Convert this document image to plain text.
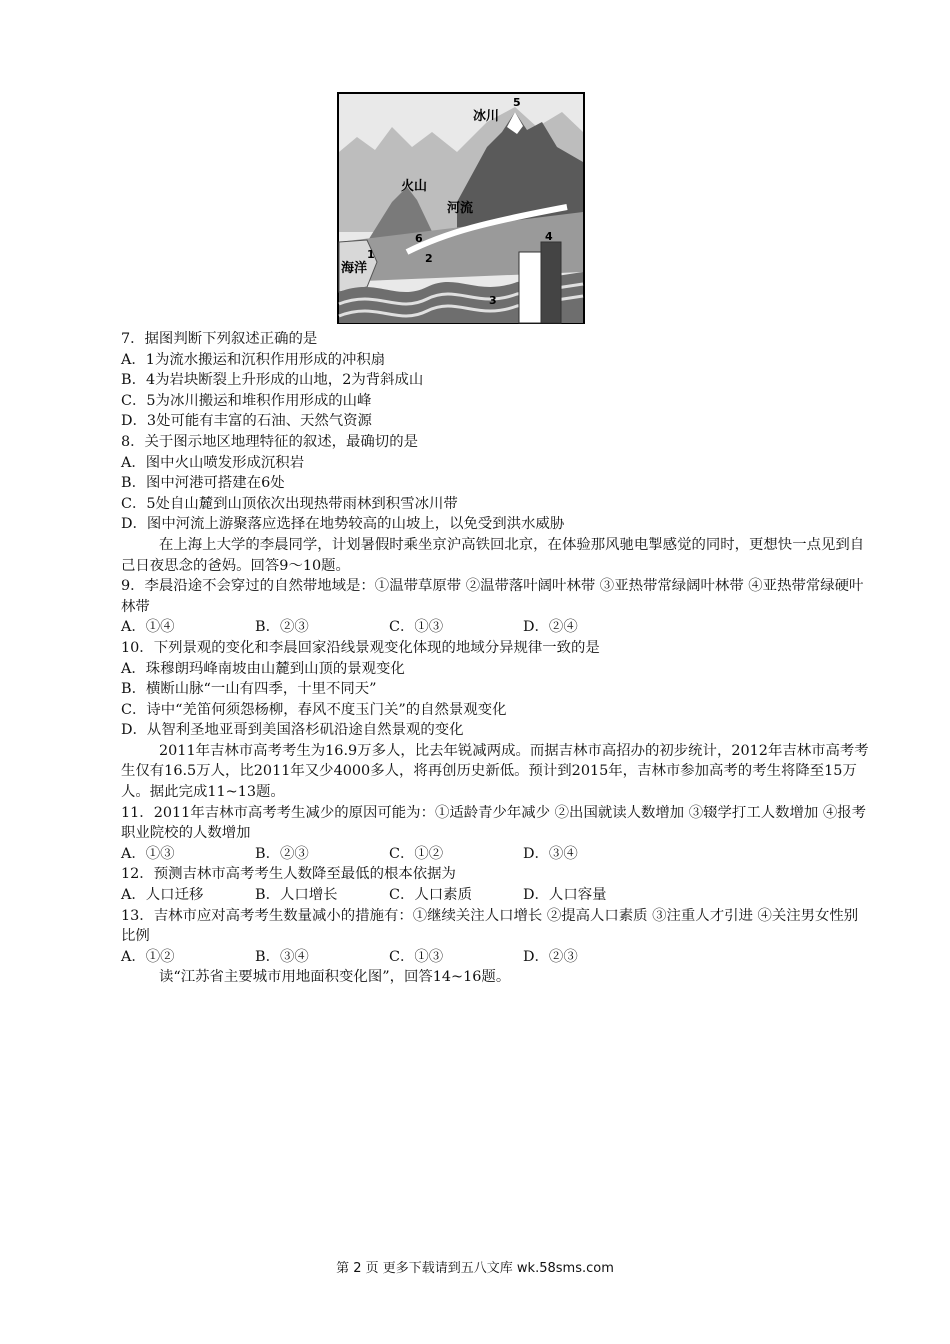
冰川
5
火山
河流
6
2
1
海洋
3
4
7．据图判断下列叙述正确的是
A．1为流水搬运和沉积作用形成的冲积扇
B．4为岩块断裂上升形成的山地，2为背斜成山
C．5为冰川搬运和堆积作用形成的山峰
D．3处可能有丰富的石油、天然气资源
8．关于图示地区地理特征的叙述，最确切的是
A．图中火山喷发形成沉积岩
B．图中河港可搭建在6处
C．5处自山麓到山顶依次出现热带雨林到积雪冰川带
D．图中河流上游聚落应选择在地势较高的山坡上，以免受到洪水威胁
在上海上大学的李晨同学，计划暑假时乘坐京沪高铁回北京，在体验那风驰电掣感觉的同时，更想快一点见到自己日夜思念的爸妈。回答9～10题。
9．李晨沿途不会穿过的自然带地域是：①温带草原带 ②温带落叶阔叶林带 ③亚热带常绿阔叶林带 ④亚热带常绿硬叶林带
A．①④	B．②③	C．①③	D．②④
10．下列景观的变化和李晨回家沿线景观变化体现的地域分异规律一致的是
A．珠穆朗玛峰南坡由山麓到山顶的景观变化
B．横断山脉“一山有四季，十里不同天”
C．诗中“羌笛何须怨杨柳，春风不度玉门关”的自然景观变化
D．从智利圣地亚哥到美国洛杉矶沿途自然景观的变化
2011年吉林市高考考生为16.9万多人，比去年锐减两成。而据吉林市高招办的初步统计，2012年吉林市高考考生仅有16.5万人，比2011年又少4000多人，将再创历史新低。预计到2015年，吉林市参加高考的考生将降至15万人。据此完成11~13题。
11．2011年吉林市高考考生减少的原因可能为：①适龄青少年减少 ②出国就读人数增加 ③辍学打工人数增加 ④报考职业院校的人数增加
A．①③	B．②③	C．①②	D．③④
12．预测吉林市高考考生人数降至最低的根本依据为
A．人口迁移	B．人口增长	C．人口素质	D．人口容量
13．吉林市应对高考考生数量减小的措施有：①继续关注人口增长 ②提高人口素质 ③注重人才引进 ④关注男女性别比例
A．①②	B．③④	C．①③	D．②③
读“江苏省主要城市用地面积变化图”，回答14~16题。
第 2 页 更多下载请到五八文库 wk.58sms.com
